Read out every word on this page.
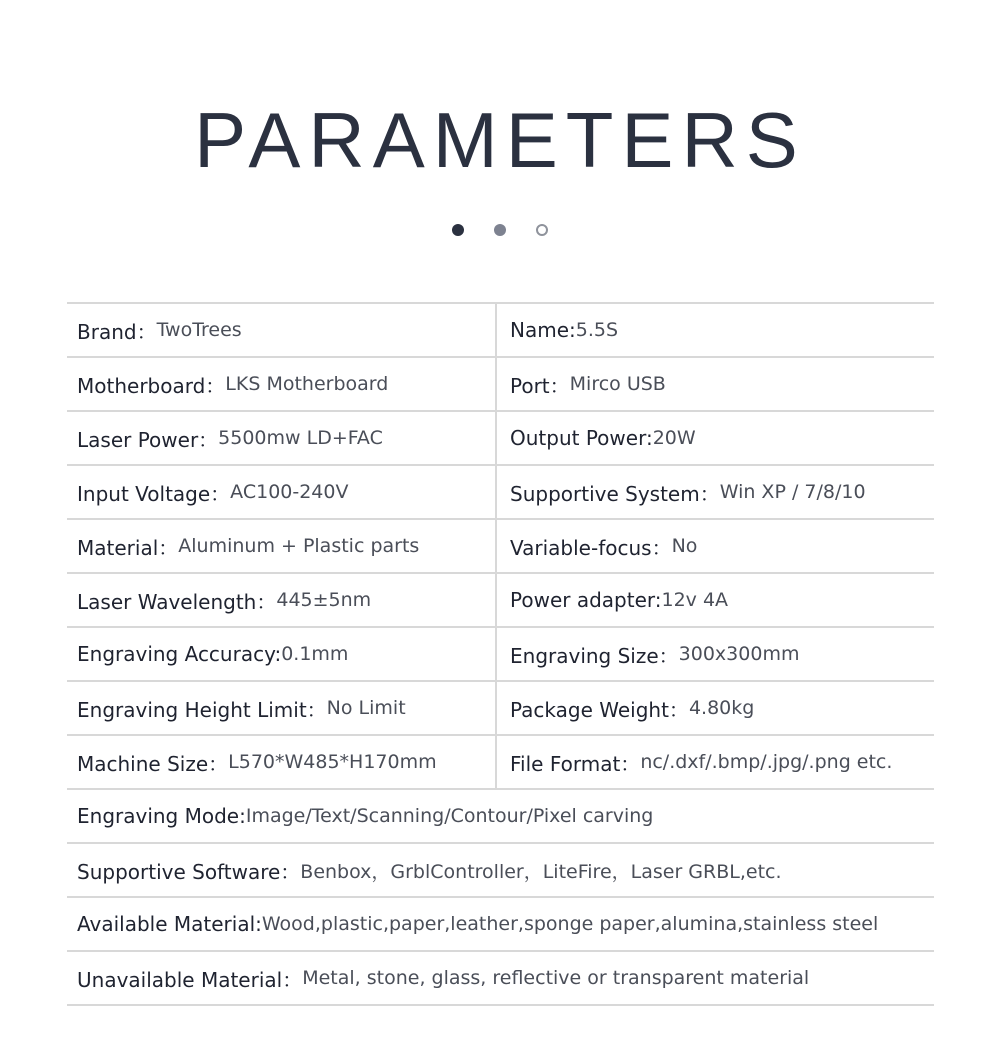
PARAMETERS
Brand： TwoTrees	Name: 5.5S
Motherboard： LKS Motherboard	Port： Mirco USB
Laser Power： 5500mw LD+FAC	Output Power: 20W
Input Voltage： AC100-240V	Supportive System： Win XP / 7/8/10
Material： Aluminum + Plastic parts	Variable-focus： No
Laser Wavelength： 445±5nm	Power adapter: 12v 4A
Engraving Accuracy: 0.1mm	Engraving Size： 300x300mm
Engraving Height Limit： No Limit	Package Weight： 4.80kg
Machine Size： L570*W485*H170mm	File Format： nc/.dxf/.bmp/.jpg/.png etc.
Engraving Mode: Image/Text/Scanning/Contour/Pixel carving
Supportive Software： Benbox，GrblController，LiteFire，Laser GRBL,etc.
Available Material: Wood,plastic,paper,leather,sponge paper,alumina,stainless steel
Unavailable Material： Metal, stone, glass, reflective or transparent material
